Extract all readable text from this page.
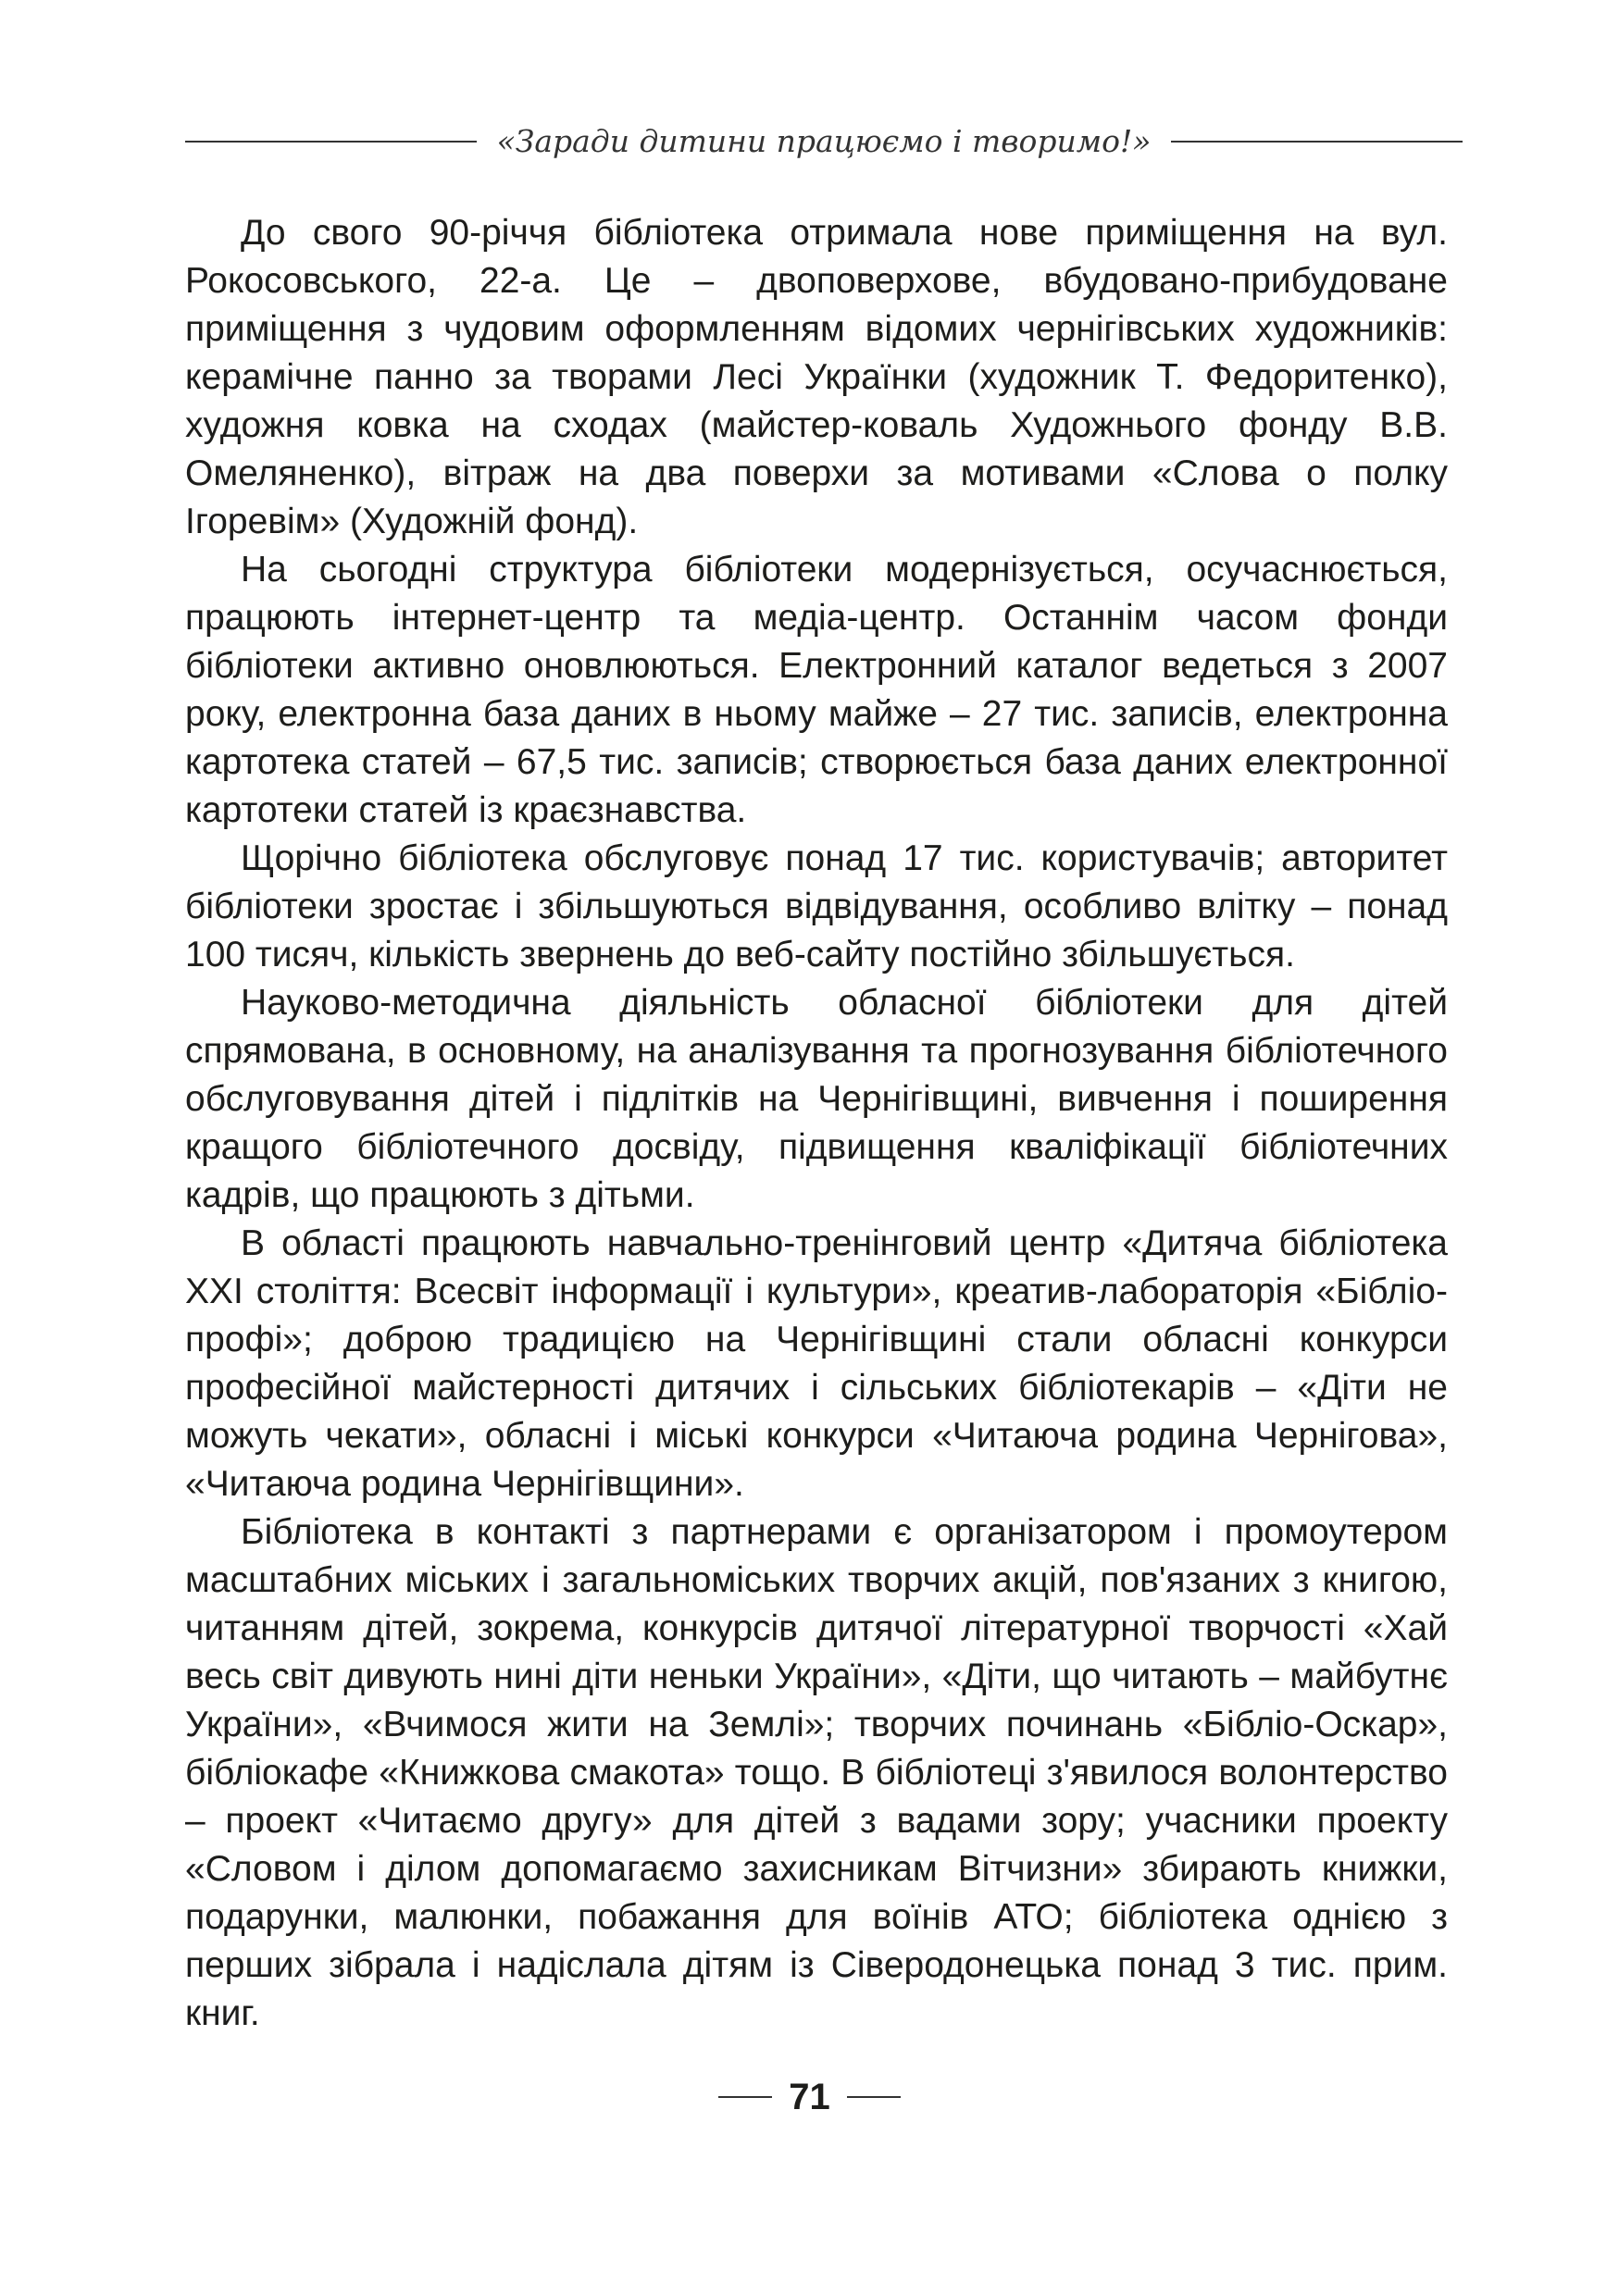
«Заради дитини працюємо і творимо!»

До свого 90-річчя бібліотека отримала нове приміщення на вул. Рокосовського, 22-а. Це – двоповерхове, вбудовано-прибудоване приміщення з чудовим оформленням відомих чернігівських художників: керамічне панно за творами Лесі Українки (художник Т. Федоритенко), художня ковка на сходах (майстер-коваль Художнього фонду В.В. Омеляненко), вітраж на два поверхи за мотивами «Слова о полку Ігоревім» (Художній фонд).

На сьогодні структура бібліотеки модернізується, осучаснюється, працюють інтернет-центр та медіа-центр. Останнім часом фонди бібліотеки активно оновлюються. Електронний каталог ведеться з 2007 року, електронна база даних в ньому майже – 27 тис. записів, електронна картотека статей – 67,5 тис. записів; створюється база даних електронної картотеки статей із краєзнавства.

Щорічно бібліотека обслуговує понад 17 тис. користувачів; авторитет бібліотеки зростає і збільшуються відвідування, особливо влітку – понад 100 тисяч, кількість звернень до веб-сайту постійно збільшується.

Науково-методична діяльність обласної бібліотеки для дітей спрямована, в основному, на аналізування та прогнозування бібліотечного обслуговування дітей і підлітків на Чернігівщині, вивчення і поширення кращого бібліотечного досвіду, підвищення кваліфікації бібліотечних кадрів, що працюють з дітьми.

В області працюють навчально-тренінговий центр «Дитяча бібліотека ХХІ століття: Всесвіт інформації і культури», креатив-лабораторія «Бібліо-профі»; доброю традицією на Чернігівщині стали обласні конкурси професійної майстерності дитячих і сільських бібліотекарів – «Діти не можуть чекати», обласні і міські конкурси «Читаюча родина Чернігова», «Читаюча родина Чернігівщини».

Бібліотека в контакті з партнерами є організатором і промоутером масштабних міських і загальноміських творчих акцій, пов'язаних з книгою, читанням дітей, зокрема, конкурсів дитячої літературної творчості «Хай весь світ дивують нині діти неньки України», «Діти, що читають – майбутнє України», «Вчимося жити на Землі»; творчих починань «Бібліо-Оскар», бібліокафе «Книжкова смакота» тощо. В бібліотеці з'явилося волонтерство – проект «Читаємо другу» для дітей з вадами зору; учасники проекту «Словом і ділом допомагаємо захисникам Вітчизни» збирають книжки, подарунки, малюнки, побажання для воїнів АТО; бібліотека однією з перших зібрала і надіслала дітям із Сіверодонецька понад 3 тис. прим. книг.

71
